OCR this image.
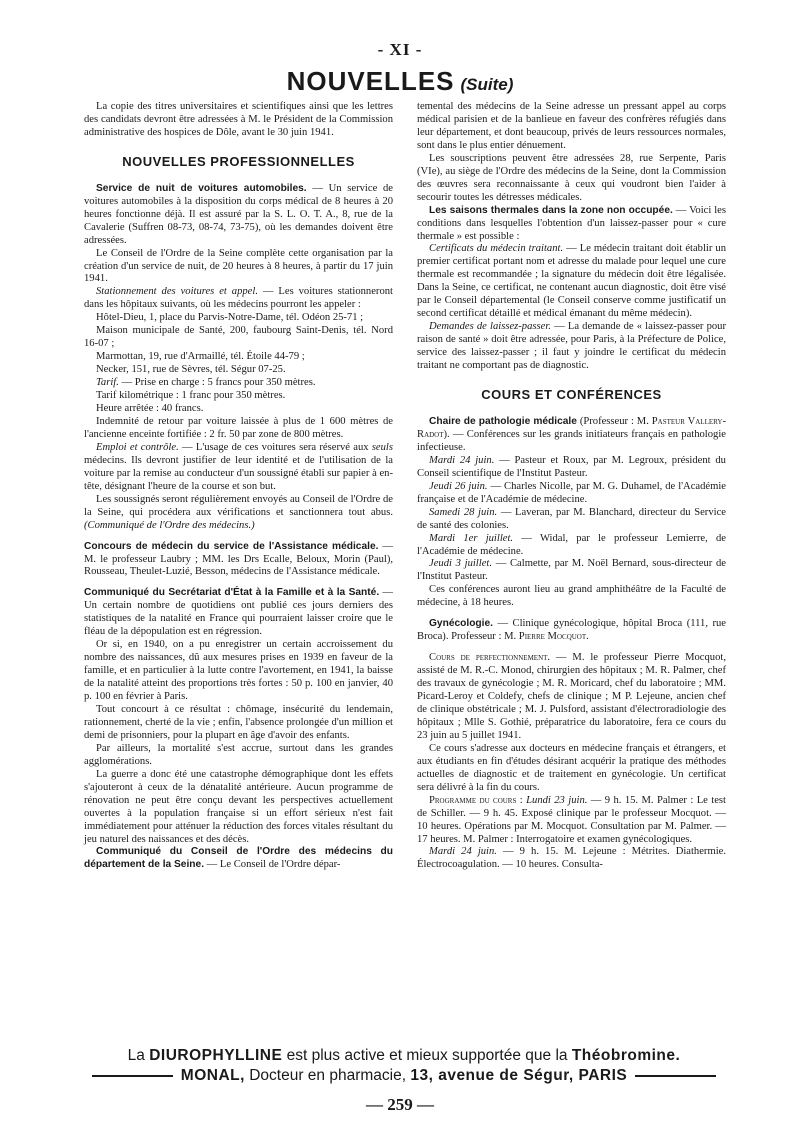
- XI -
NOUVELLES (Suite)

La copie des titres universitaires et scientifiques ainsi que les lettres des candidats devront être adressées à M. le Président de la Commission administrative des hospices de Dôle, avant le 30 juin 1941.

NOUVELLES PROFESSIONNELLES

Service de nuit de voitures automobiles. — Un service de voitures automobiles à la disposition du corps médical de 8 heures à 20 heures fonctionne déjà. Il est assuré par la S. L. O. T. A., 8, rue de la Cavalerie (Suffren 08-73, 08-74, 73-75), où les demandes doivent être adressées.

Le Conseil de l'Ordre de la Seine complète cette organisation par la création d'un service de nuit, de 20 heures à 8 heures, à partir du 17 juin 1941.

Stationnement des voitures et appel. — Les voitures stationneront dans les hôpitaux suivants, où les médecins pourront les appeler :

Hôtel-Dieu, 1, place du Parvis-Notre-Dame, tél. Odéon 25-71 ;

Maison municipale de Santé, 200, faubourg Saint-Denis, tél. Nord 16-07 ;

Marmottan, 19, rue d'Armaillé, tél. Étoile 44-79 ;

Necker, 151, rue de Sèvres, tél. Ségur 07-25.

Tarif. — Prise en charge : 5 francs pour 350 mètres.

Tarif kilométrique : 1 franc pour 350 mètres.

Heure arrêtée : 40 francs.

Indemnité de retour par voiture laissée à plus de 1 600 mètres de l'ancienne enceinte fortifiée : 2 fr. 50 par zone de 800 mètres.

Emploi et contrôle. — L'usage de ces voitures sera réservé aux seuls médecins. Ils devront justifier de leur identité et de l'utilisation de la voiture par la remise au conducteur d'un soussigné établi sur papier à en-tête, désignant l'heure de la course et son but.

Les soussignés seront régulièrement envoyés au Conseil de l'Ordre de la Seine, qui procédera aux vérifications et sanctionnera tout abus. (Communiqué de l'Ordre des médecins.)

Concours de médecin du service de l'Assistance médicale. — M. le professeur Laubry ; MM. les Drs Ecalle, Beloux, Morin (Paul), Rousseau, Theulet-Luzié, Besson, médecins de l'Assistance médicale.

Communiqué du Secrétariat d'État à la Famille et à la Santé. — Un certain nombre de quotidiens ont publié ces jours derniers des statistiques de la natalité en France qui pourraient laisser croire que le fléau de la dépopulation est en régression.

Or si, en 1940, on a pu enregistrer un certain accroissement du nombre des naissances, dû aux mesures prises en 1939 en faveur de la famille, et en particulier à la lutte contre l'avortement, en 1941, la baisse de la natalité atteint des proportions très fortes : 50 p. 100 en janvier, 40 p. 100 en février à Paris.

Tout concourt à ce résultat : chômage, insécurité du lendemain, rationnement, cherté de la vie ; enfin, l'absence prolongée d'un million et demi de prisonniers, pour la plupart en âge d'avoir des enfants.

Par ailleurs, la mortalité s'est accrue, surtout dans les grandes agglomérations.

La guerre a donc été une catastrophe démographique dont les effets s'ajouteront à ceux de la dénatalité antérieure. Aucun programme de rénovation ne peut être conçu devant les perspectives actuellement ouvertes à la population française si un effort sérieux n'est fait immédiatement pour atténuer la réduction des forces vitales résultant du jeu naturel des naissances et des décès.

Communiqué du Conseil de l'Ordre des médecins du département de la Seine. — Le Conseil de l'Ordre dépar-

temental des médecins de la Seine adresse un pressant appel au corps médical parisien et de la banlieue en faveur des confrères réfugiés dans leur département, et dont beaucoup, privés de leurs ressources normales, sont dans le plus entier dénuement.

Les souscriptions peuvent être adressées 28, rue Serpente, Paris (VIe), au siège de l'Ordre des médecins de la Seine, dont la Commission des œuvres sera reconnaissante à ceux qui voudront bien l'aider à secourir toutes les détresses médicales.

Les saisons thermales dans la zone non occupée. — Voici les conditions dans lesquelles l'obtention d'un laissez-passer pour « cure thermale » est possible :

Certificats du médecin traitant. — Le médecin traitant doit établir un premier certificat portant nom et adresse du malade pour lequel une cure thermale est recommandée ; la signature du médecin doit être légalisée. Dans la Seine, ce certificat, ne contenant aucun diagnostic, doit être visé par le Conseil départemental (le Conseil conserve comme justificatif un second certificat détaillé et médical émanant du même médecin).

Demandes de laissez-passer. — La demande de « laissez-passer pour raison de santé » doit être adressée, pour Paris, à la Préfecture de Police, service des laissez-passer ; il faut y joindre le certificat du médecin traitant ne comportant pas de diagnostic.

COURS ET CONFÉRENCES

Chaire de pathologie médicale (Professeur : M. Pasteur Vallery-Radot). — Conférences sur les grands initiateurs français en pathologie infectieuse.

Mardi 24 juin. — Pasteur et Roux, par M. Legroux, président du Conseil scientifique de l'Institut Pasteur.

Jeudi 26 juin. — Charles Nicolle, par M. G. Duhamel, de l'Académie française et de l'Académie de médecine.

Samedi 28 juin. — Laveran, par M. Blanchard, directeur du Service de santé des colonies.

Mardi 1er juillet. — Widal, par le professeur Lemierre, de l'Académie de médecine.

Jeudi 3 juillet. — Calmette, par M. Noël Bernard, sous-directeur de l'Institut Pasteur.

Ces conférences auront lieu au grand amphithéâtre de la Faculté de médecine, à 18 heures.

Gynécologie. — Clinique gynécologique, hôpital Broca (111, rue Broca). Professeur : M. Pierre Mocquot.

Cours de perfectionnement. — M. le professeur Pierre Mocquot, assisté de M. R.-C. Monod, chirurgien des hôpitaux ; M. R. Palmer, chef des travaux de gynécologie ; M. R. Moricard, chef du laboratoire ; MM. Picard-Leroy et Coldefy, chefs de clinique ; M P. Lejeune, ancien chef de clinique obstétricale ; M. J. Pulsford, assistant d'électroradiologie des hôpitaux ; Mlle S. Gothié, préparatrice du laboratoire, fera ce cours du 23 juin au 5 juillet 1941.

Ce cours s'adresse aux docteurs en médecine français et étrangers, et aux étudiants en fin d'études désirant acquérir la pratique des méthodes actuelles de diagnostic et de traitement en gynécologie. Un certificat sera délivré à la fin du cours.

Programme du cours : Lundi 23 juin. — 9 h. 15. M. Palmer : Le test de Schiller. — 9 h. 45. Exposé clinique par le professeur Mocquot. — 10 heures. Opérations par M. Mocquot. Consultation par M. Palmer. — 17 heures. M. Palmer : Interrogatoire et examen gynécologiques.

Mardi 24 juin. — 9 h. 15. M. Lejeune : Métrites. Diathermie. Électrocoagulation. — 10 heures. Consulta-

La DIUROPHYLLINE est plus active et mieux supportée que la Théobromine.
MONAL, Docteur en pharmacie, 13, avenue de Ségur, PARIS
— 259 —
